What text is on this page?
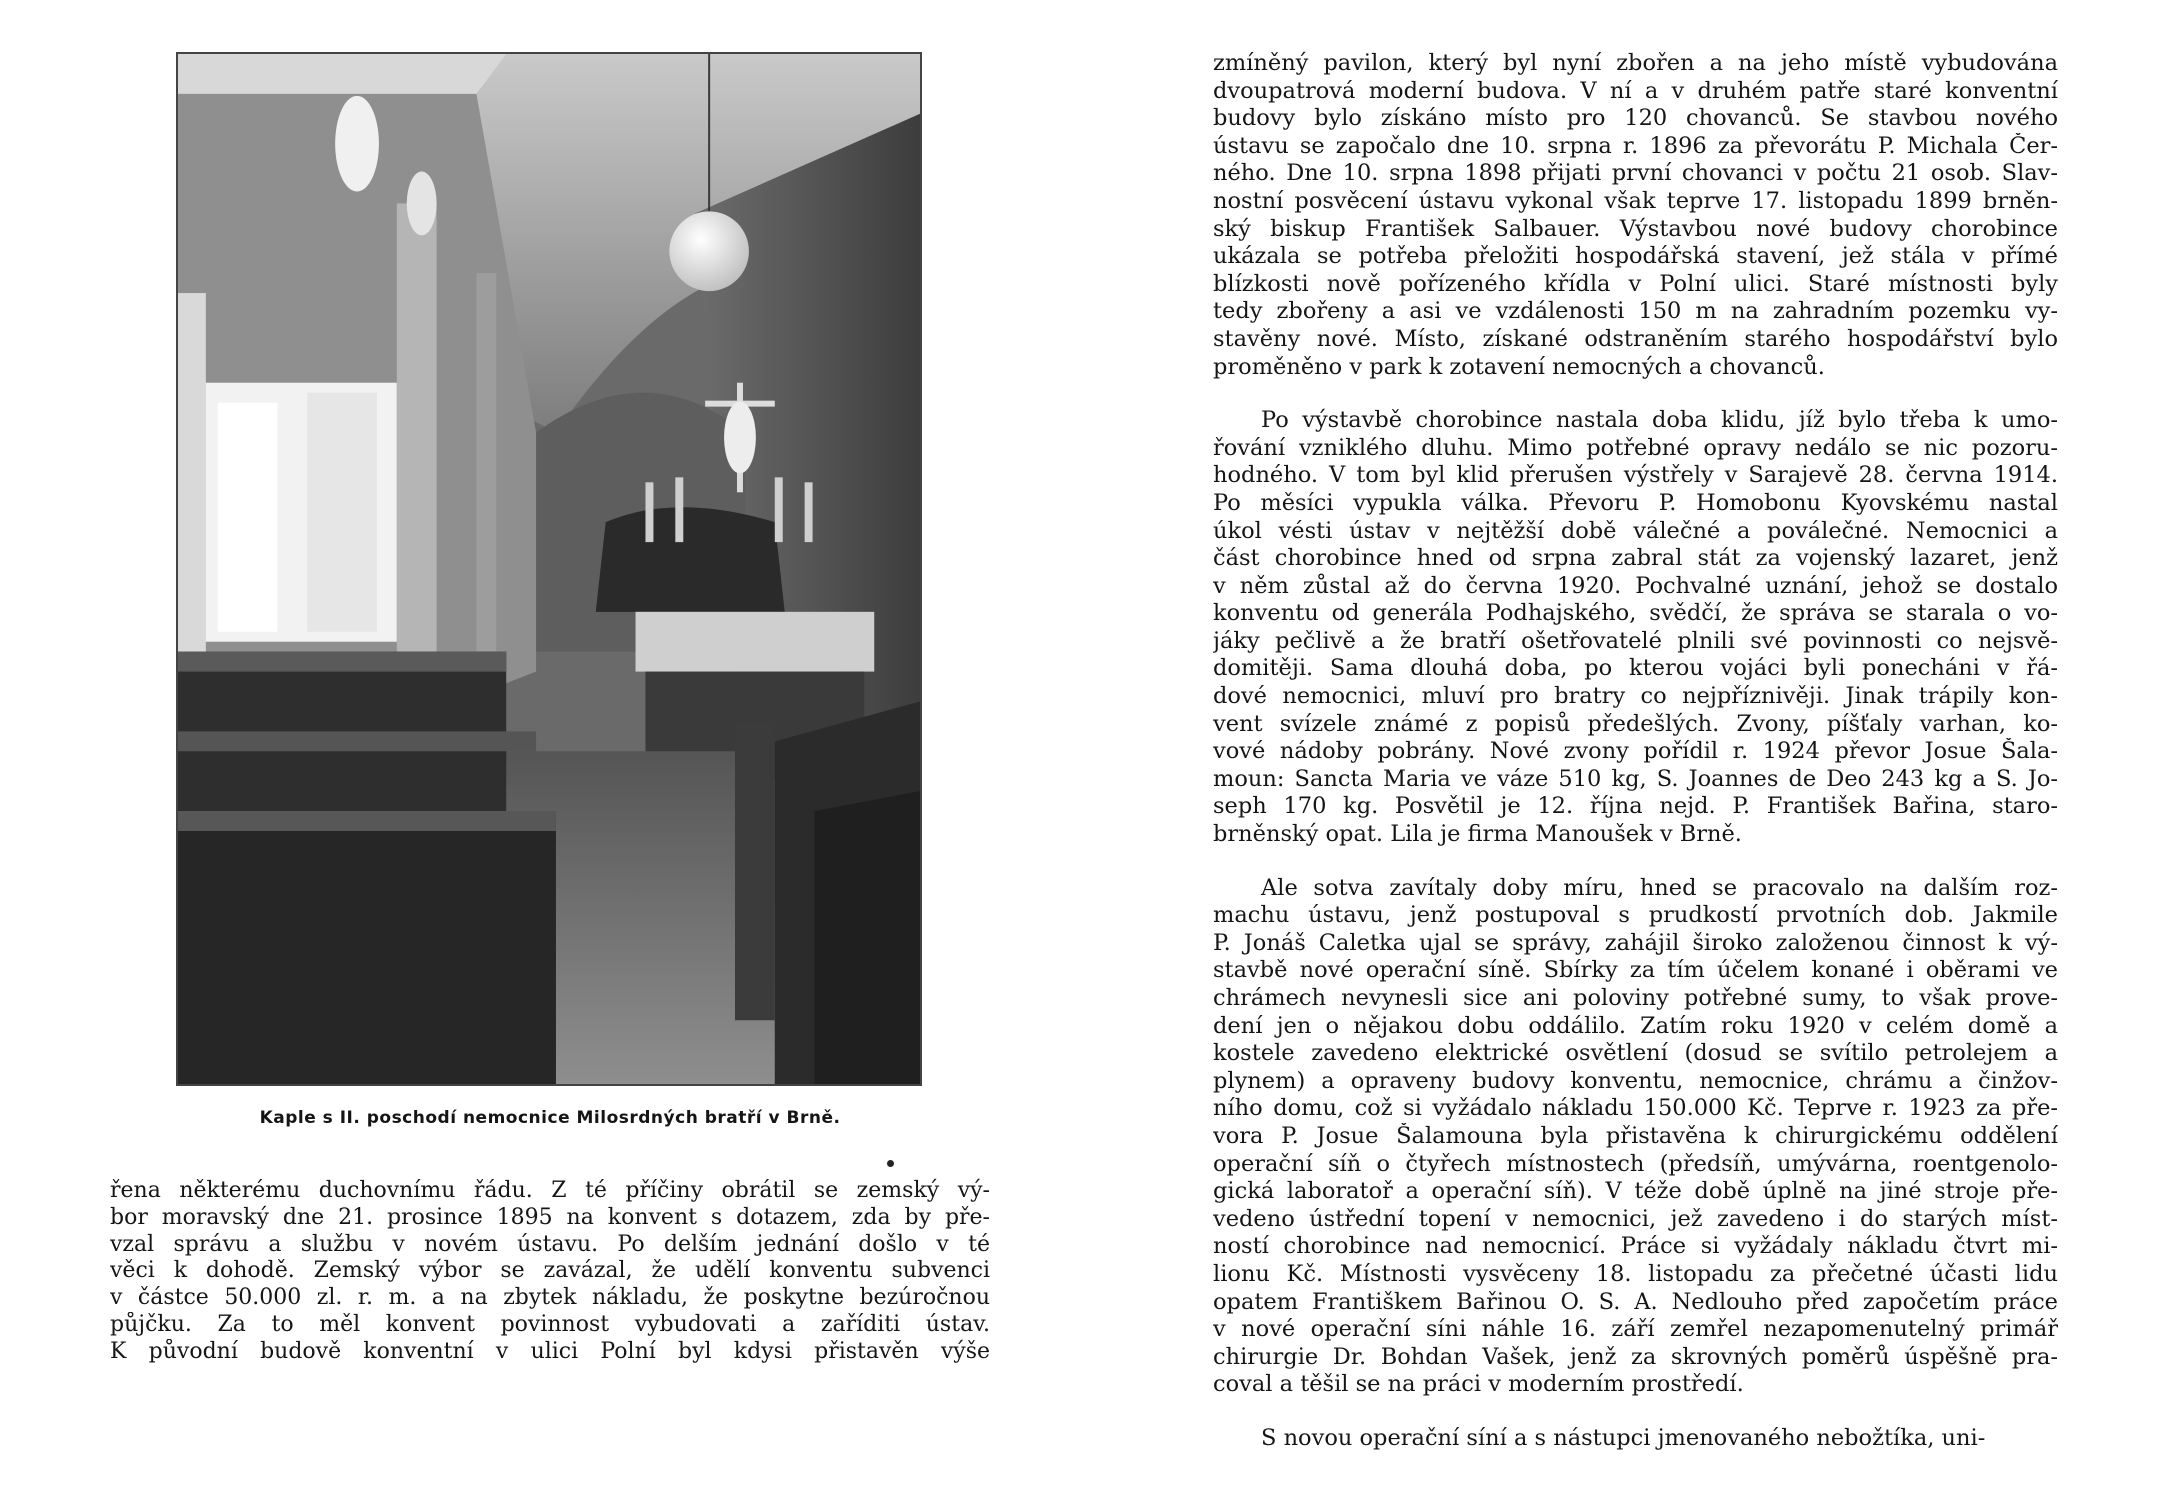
Kaple s II. poschodí nemocnice Milosrdných bratří v Brně.
řena některému duchovnímu řádu. Z té příčiny obrátil se zemský vý-
bor moravský dne 21. prosince 1895 na konvent s dotazem, zda by pře-
vzal správu a službu v novém ústavu. Po delším jednání došlo v té
věci k dohodě. Zemský výbor se zavázal, že udělí konventu subvenci
v částce 50.000 zl. r. m. a na zbytek nákladu, že poskytne bezúročnou
půjčku. Za to měl konvent povinnost vybudovati a zaříditi ústav.
K původní budově konventní v ulici Polní byl kdysi přistavěn výše
zmíněný pavilon, který byl nyní zbořen a na jeho místě vybudována
dvoupatrová moderní budova. V ní a v druhém patře staré konventní
budovy bylo získáno místo pro 120 chovanců. Se stavbou nového
ústavu se započalo dne 10. srpna r. 1896 za převorátu P. Michala Čer-
ného. Dne 10. srpna 1898 přijati první chovanci v počtu 21 osob. Slav-
nostní posvěcení ústavu vykonal však teprve 17. listopadu 1899 brněn-
ský biskup František Salbauer. Výstavbou nové budovy chorobince
ukázala se potřeba přeložiti hospodářská stavení, jež stála v přímé
blízkosti nově pořízeného křídla v Polní ulici. Staré místnosti byly
tedy zbořeny a asi ve vzdálenosti 150 m na zahradním pozemku vy-
stavěny nové. Místo, získané odstraněním starého hospodářství bylo
proměněno v park k zotavení nemocných a chovanců.
Po výstavbě chorobince nastala doba klidu, jíž bylo třeba k umo-
řování vzniklého dluhu. Mimo potřebné opravy nedálo se nic pozoru-
hodného. V tom byl klid přerušen výstřely v Sarajevě 28. června 1914.
Po měsíci vypukla válka. Převoru P. Homobonu Kyovskému nastal
úkol vésti ústav v nejtěžší době válečné a poválečné. Nemocnici a
část chorobince hned od srpna zabral stát za vojenský lazaret, jenž
v něm zůstal až do června 1920. Pochvalné uznání, jehož se dostalo
konventu od generála Podhajského, svědčí, že správa se starala o vo-
jáky pečlivě a že bratří ošetřovatelé plnili své povinnosti co nejsvě-
domitěji. Sama dlouhá doba, po kterou vojáci byli ponecháni v řá-
dové nemocnici, mluví pro bratry co nejpříznivěji. Jinak trápily kon-
vent svízele známé z popisů předešlých. Zvony, píšťaly varhan, ko-
vové nádoby pobrány. Nové zvony pořídil r. 1924 převor Josue Šala-
moun: Sancta Maria ve váze 510 kg, S. Joannes de Deo 243 kg a S. Jo-
seph 170 kg. Posvětil je 12. října nejd. P. František Bařina, staro-
brněnský opat. Lila je firma Manoušek v Brně.
Ale sotva zavítaly doby míru, hned se pracovalo na dalším roz-
machu ústavu, jenž postupoval s prudkostí prvotních dob. Jakmile
P. Jonáš Caletka ujal se správy, zahájil široko založenou činnost k vý-
stavbě nové operační síně. Sbírky za tím účelem konané i oběrami ve
chrámech nevynesli sice ani poloviny potřebné sumy, to však prove-
dení jen o nějakou dobu oddálilo. Zatím roku 1920 v celém domě a
kostele zavedeno elektrické osvětlení (dosud se svítilo petrolejem a
plynem) a opraveny budovy konventu, nemocnice, chrámu a činžov-
ního domu, což si vyžádalo nákladu 150.000 Kč. Teprve r. 1923 za pře-
vora P. Josue Šalamouna byla přistavěna k chirurgickému oddělení
operační síň o čtyřech místnostech (předsíň, umývárna, roentgenolo-
gická laboratoř a operační síň). V téže době úplně na jiné stroje pře-
vedeno ústřední topení v nemocnici, jež zavedeno i do starých míst-
ností chorobince nad nemocnicí. Práce si vyžádaly nákladu čtvrt mi-
lionu Kč. Místnosti vysvěceny 18. listopadu za přečetné účasti lidu
opatem Františkem Bařinou O. S. A. Nedlouho před započetím práce
v nové operační síni náhle 16. září zemřel nezapomenutelný primář
chirurgie Dr. Bohdan Vašek, jenž za skrovných poměrů úspěšně pra-
coval a těšil se na práci v moderním prostředí.
S novou operační síní a s nástupci jmenovaného nebožtíka, uni-
